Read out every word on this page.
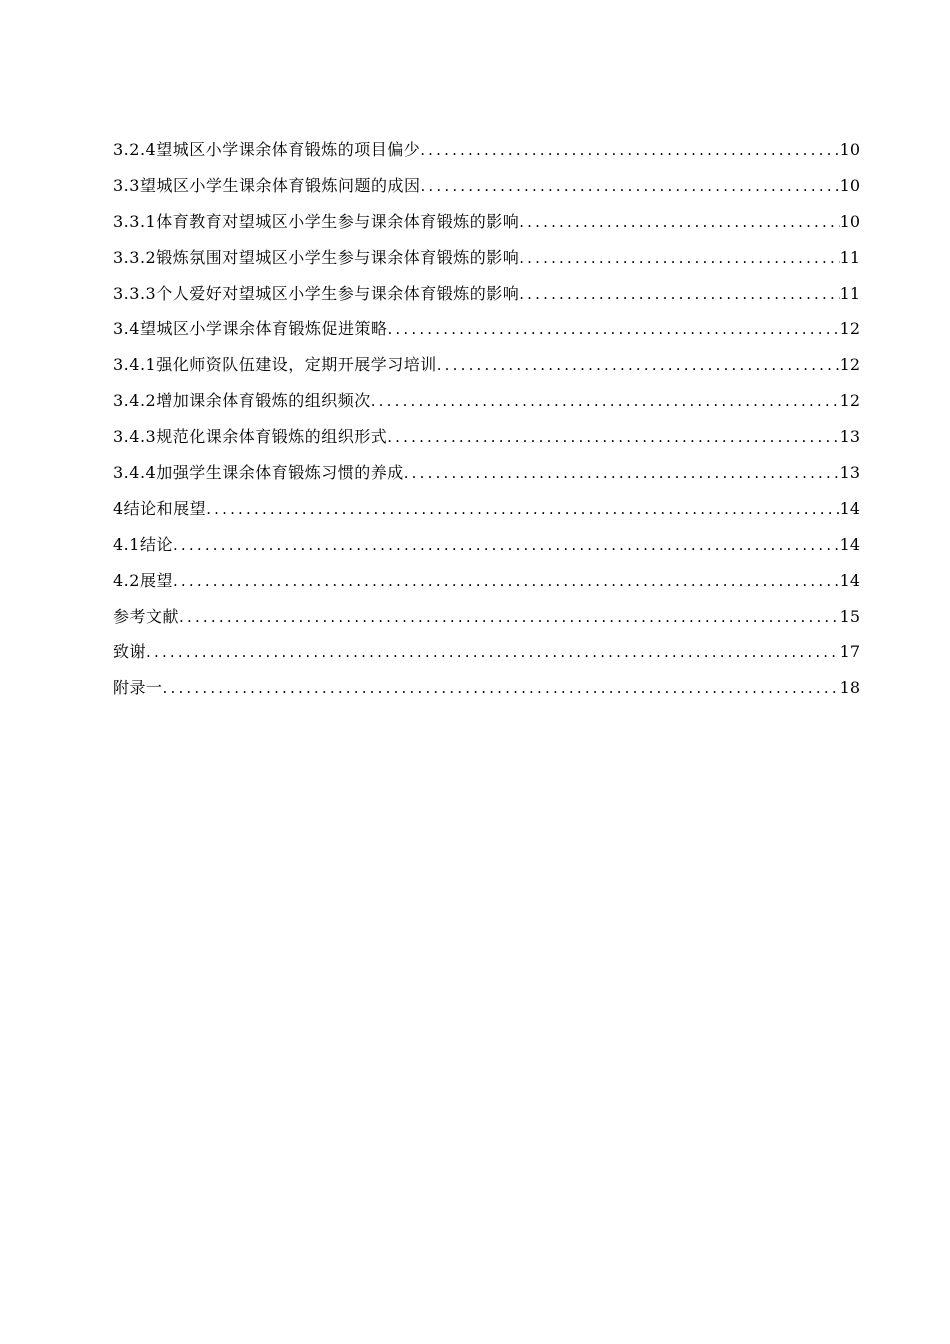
3.2.4望城区小学课余体育锻炼的项目偏少 .....	10
3.3望城区小学生课余体育锻炼问题的成因 .....	10
3.3.1体育教育对望城区小学生参与课余体育锻炼的影响 .....	10
3.3.2锻炼氛围对望城区小学生参与课余体育锻炼的影响 .....	11
3.3.3个人爱好对望城区小学生参与课余体育锻炼的影响 .....	11
3.4望城区小学课余体育锻炼促进策略 .....	12
3.4.1强化师资队伍建设，定期开展学习培训 .....	12
3.4.2增加课余体育锻炼的组织频次 .....	12
3.4.3规范化课余体育锻炼的组织形式 .....	13
3.4.4加强学生课余体育锻炼习惯的养成 .....	13
4结论和展望 .....	14
4.1结论 .....	14
4.2展望 .....	14
参考文献 .....	15
致谢 .....	17
附录一 .....	18
